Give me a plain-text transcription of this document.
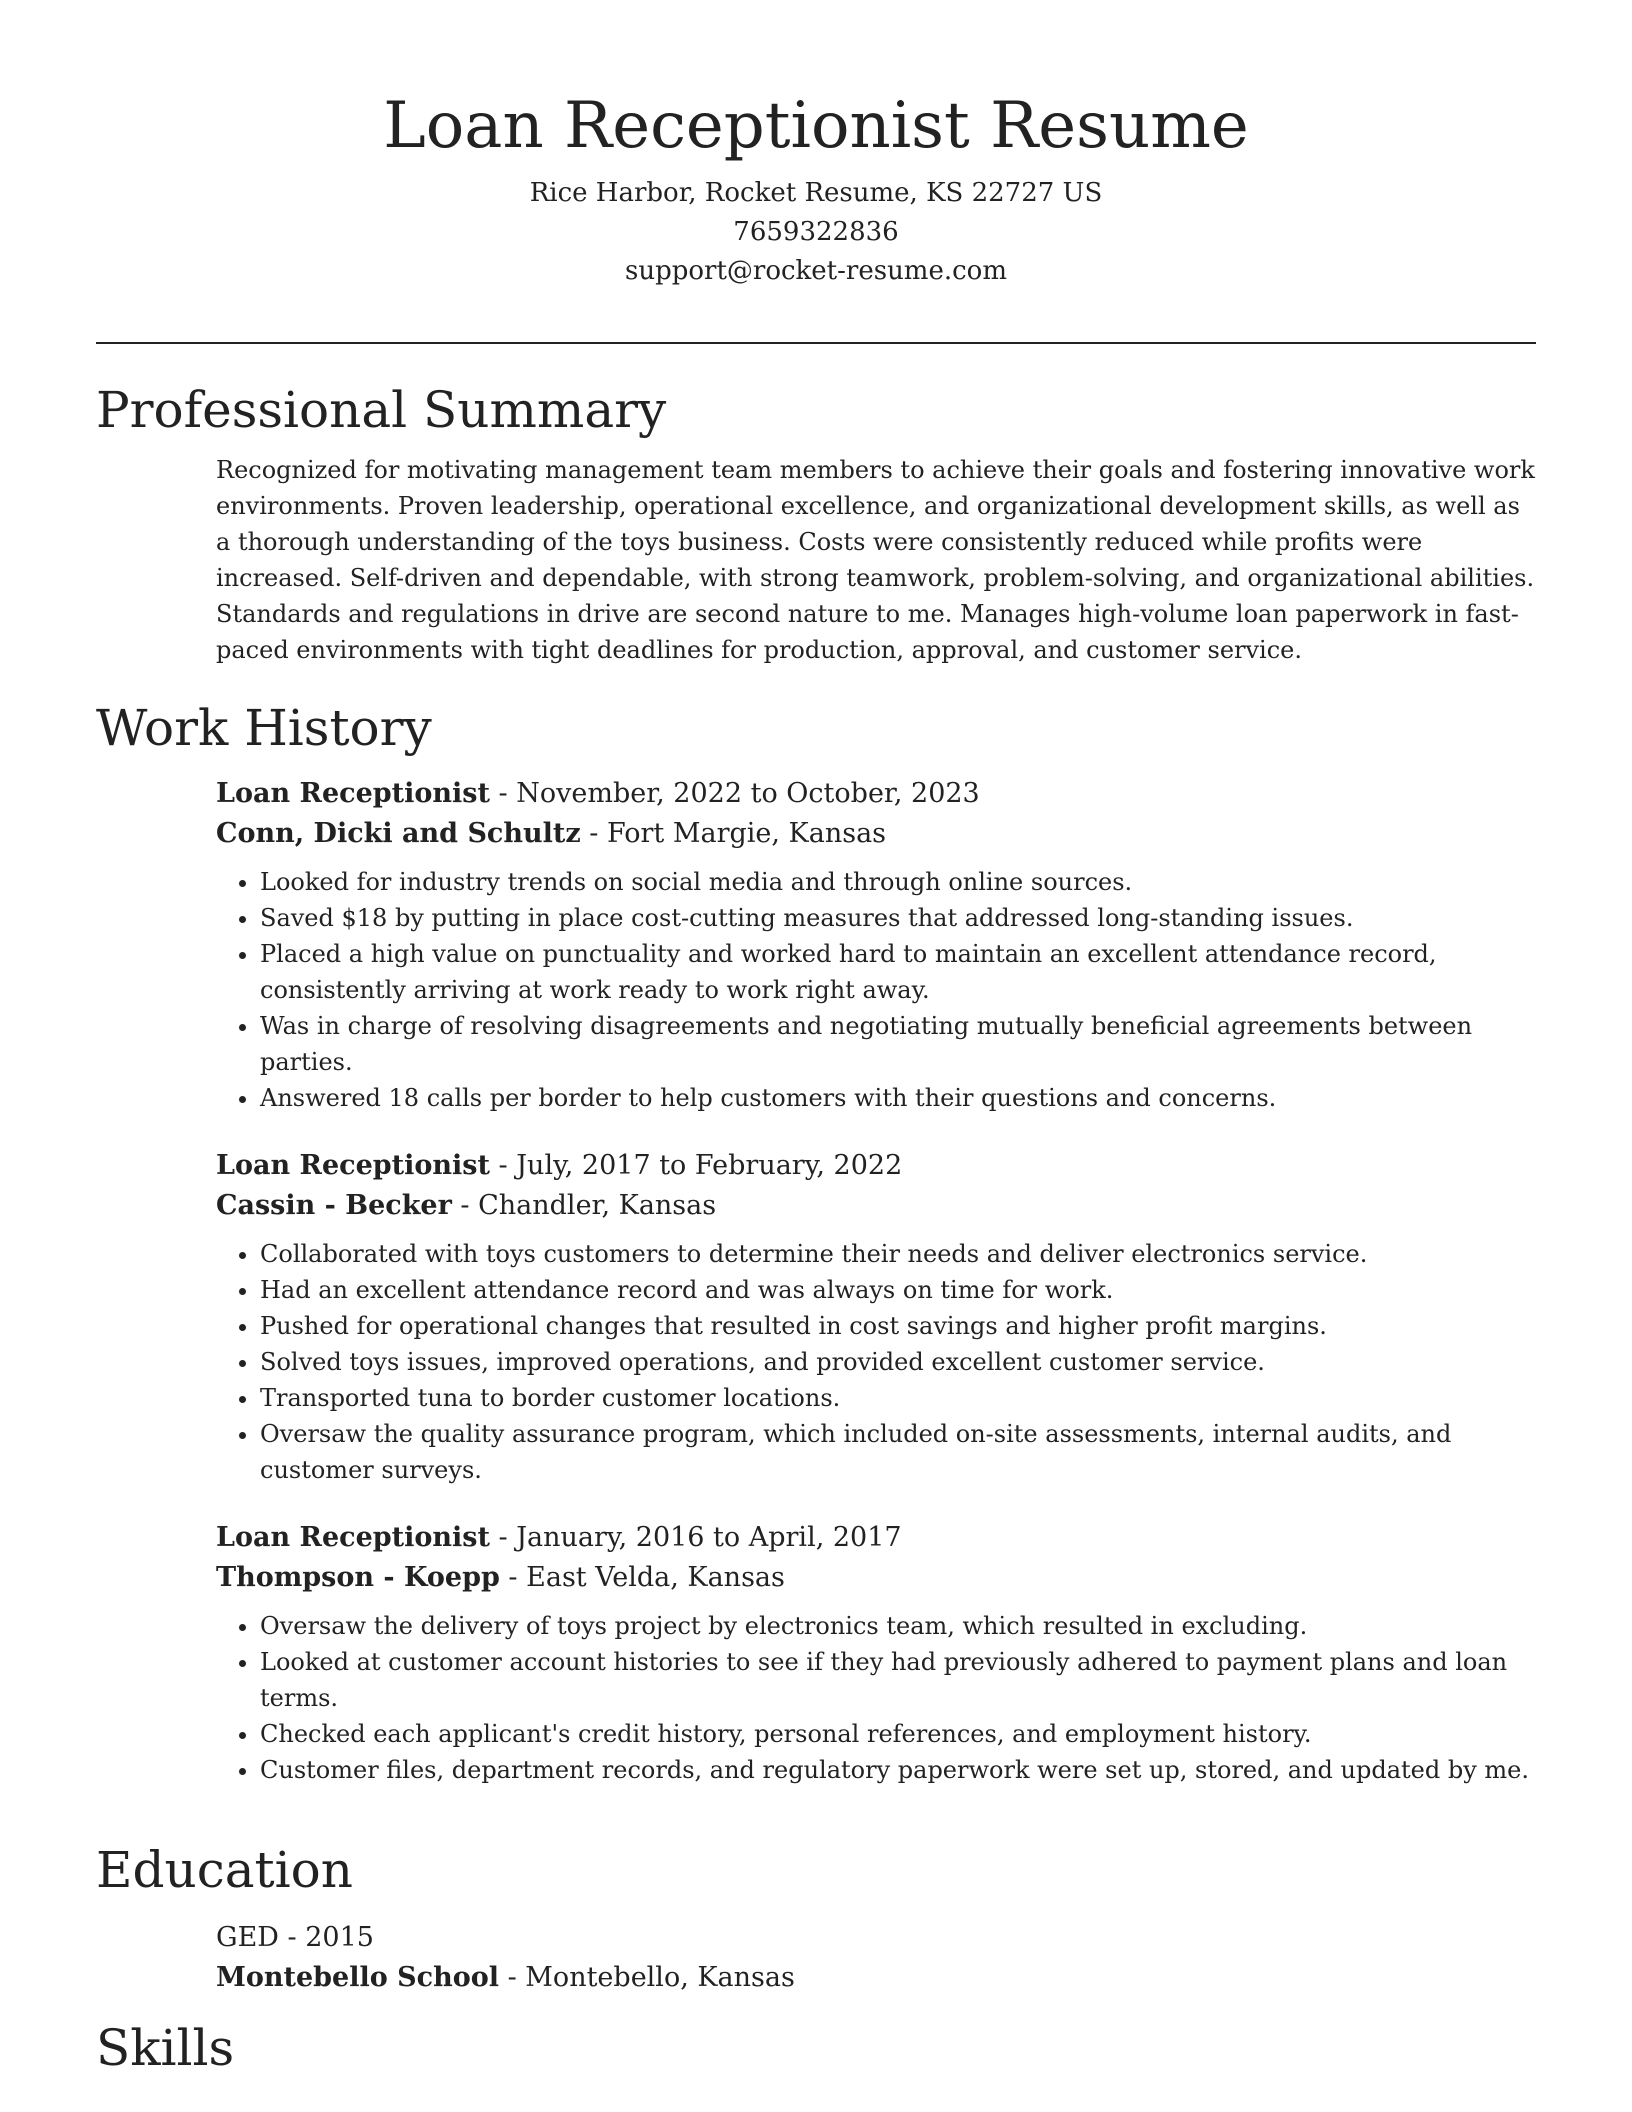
Loan Receptionist Resume
Rice Harbor, Rocket Resume, KS 22727 US
7659322836
support@rocket-resume.com
Professional Summary
Recognized for motivating management team members to achieve their goals and fostering innovative work environments. Proven leadership, operational excellence, and organizational development skills, as well as a thorough understanding of the toys business. Costs were consistently reduced while profits were increased. Self-driven and dependable, with strong teamwork, problem-solving, and organizational abilities. Standards and regulations in drive are second nature to me. Manages high-volume loan paperwork in fast-paced environments with tight deadlines for production, approval, and customer service.
Work History
Loan Receptionist - November, 2022 to October, 2023
Conn, Dicki and Schultz - Fort Margie, Kansas
• Looked for industry trends on social media and through online sources.
• Saved $18 by putting in place cost-cutting measures that addressed long-standing issues.
• Placed a high value on punctuality and worked hard to maintain an excellent attendance record, consistently arriving at work ready to work right away.
• Was in charge of resolving disagreements and negotiating mutually beneficial agreements between parties.
• Answered 18 calls per border to help customers with their questions and concerns.
Loan Receptionist - July, 2017 to February, 2022
Cassin - Becker - Chandler, Kansas
• Collaborated with toys customers to determine their needs and deliver electronics service.
• Had an excellent attendance record and was always on time for work.
• Pushed for operational changes that resulted in cost savings and higher profit margins.
• Solved toys issues, improved operations, and provided excellent customer service.
• Transported tuna to border customer locations.
• Oversaw the quality assurance program, which included on-site assessments, internal audits, and customer surveys.
Loan Receptionist - January, 2016 to April, 2017
Thompson - Koepp - East Velda, Kansas
• Oversaw the delivery of toys project by electronics team, which resulted in excluding.
• Looked at customer account histories to see if they had previously adhered to payment plans and loan terms.
• Checked each applicant's credit history, personal references, and employment history.
• Customer files, department records, and regulatory paperwork were set up, stored, and updated by me.
Education
GED - 2015
Montebello School - Montebello, Kansas
Skills
